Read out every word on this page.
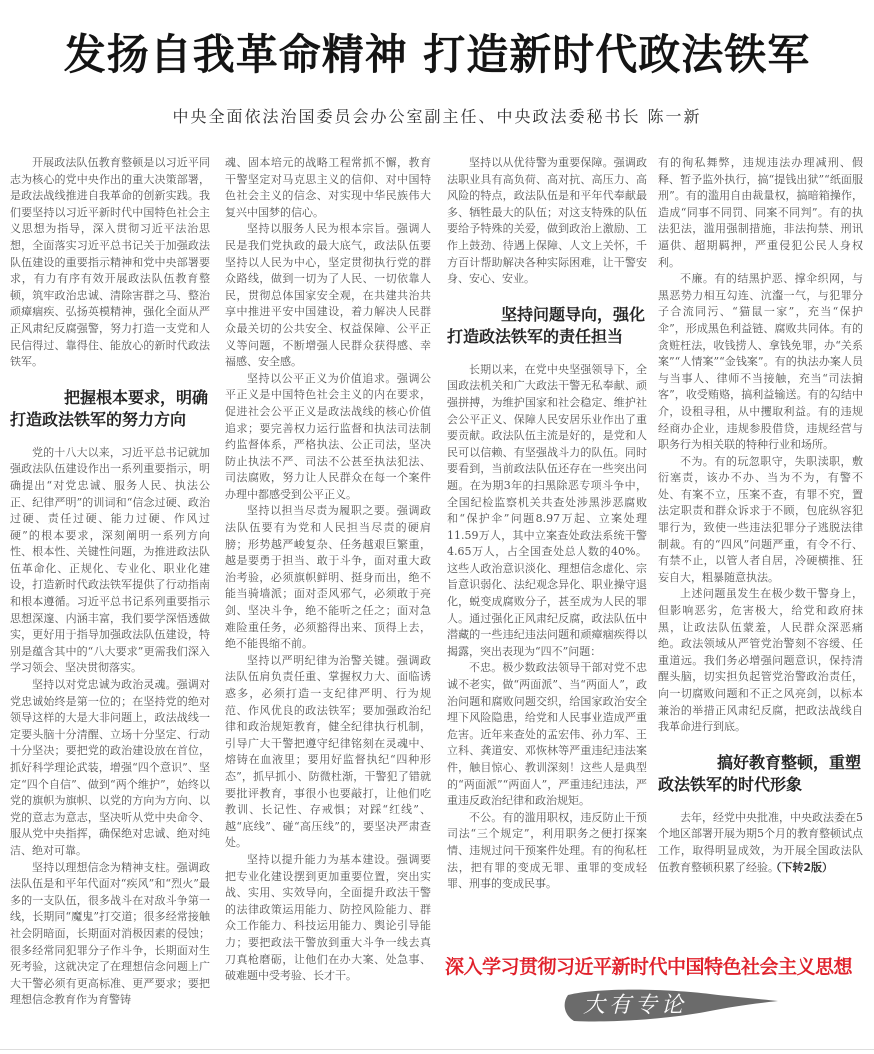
发扬自我革命精神 打造新时代政法铁军
中央全面依法治国委员会办公室副主任、中央政法委秘书长 陈一新

开展政法队伍教育整顿是以习近平同志为核心的党中央作出的重大决策部署，是政法战线推进自我革命的创新实践。我们要坚持以习近平新时代中国特色社会主义思想为指导，深入贯彻习近平法治思想，全面落实习近平总书记关于加强政法队伍建设的重要指示精神和党中央部署要求，有力有序有效开展政法队伍教育整顿，筑牢政治忠诚、清除害群之马、整治顽瘴痼疾、弘扬英模精神，强化全面从严正风肃纪反腐强警，努力打造一支党和人民信得过、靠得住、能放心的新时代政法铁军。

把握根本要求，明确
打造政法铁军的努力方向

党的十八大以来，习近平总书记就加强政法队伍建设作出一系列重要指示，明确提出“对党忠诚、服务人民、执法公正、纪律严明”的训词和“信念过硬、政治过硬、责任过硬、能力过硬、作风过硬”的根本要求，深刻阐明一系列方向性、根本性、关键性问题，为推进政法队伍革命化、正规化、专业化、职业化建设，打造新时代政法铁军提供了行动指南和根本遵循。习近平总书记系列重要指示思想深邃、内涵丰富，我们要学深悟透做实，更好用于指导加强政法队伍建设，特别是蕴含其中的“八大要求”更需我们深入学习领会、坚决贯彻落实。

坚持以对党忠诚为政治灵魂。强调对党忠诚始终是第一位的；在坚持党的绝对领导这样的大是大非问题上，政法战线一定要头脑十分清醒、立场十分坚定、行动十分坚决；要把党的政治建设放在首位，抓好科学理论武装，增强“四个意识”、坚定“四个自信”、做到“两个维护”，始终以党的旗帜为旗帜、以党的方向为方向、以党的意志为意志，坚决听从党中央命令、服从党中央指挥，确保绝对忠诚、绝对纯洁、绝对可靠。

坚持以理想信念为精神支柱。强调政法队伍是和平年代面对“疾风”和“烈火”最多的一支队伍，很多战斗在对敌斗争第一线，长期同“魔鬼”打交道；很多经常接触社会阴暗面，长期面对消极因素的侵蚀；很多经常同犯罪分子作斗争，长期面对生死考验，这就决定了在理想信念问题上广大干警必须有更高标准、更严要求；要把理想信念教育作为育警铸

魂、固本培元的战略工程常抓不懈，教育干警坚定对马克思主义的信仰、对中国特色社会主义的信念、对实现中华民族伟大复兴中国梦的信心。

坚持以服务人民为根本宗旨。强调人民是我们党执政的最大底气，政法队伍要坚持以人民为中心，坚定贯彻执行党的群众路线，做到一切为了人民、一切依靠人民，贯彻总体国家安全观，在共建共治共享中推进平安中国建设，着力解决人民群众最关切的公共安全、权益保障、公平正义等问题，不断增强人民群众获得感、幸福感、安全感。

坚持以公平正义为价值追求。强调公平正义是中国特色社会主义的内在要求，促进社会公平正义是政法战线的核心价值追求；要完善权力运行监督和执法司法制约监督体系，严格执法、公正司法，坚决防止执法不严、司法不公甚至执法犯法、司法腐败，努力让人民群众在每一个案件办理中都感受到公平正义。

坚持以担当尽责为履职之要。强调政法队伍要有为党和人民担当尽责的硬肩膀；形势越严峻复杂、任务越艰巨繁重，越是要勇于担当、敢于斗争，面对重大政治考验，必须旗帜鲜明、挺身而出，绝不能当骑墙派；面对歪风邪气，必须敢于亮剑、坚决斗争，绝不能听之任之；面对急难险重任务，必须豁得出来、顶得上去，绝不能畏缩不前。

坚持以严明纪律为治警关键。强调政法队伍肩负责任重、掌握权力大、面临诱惑多，必须打造一支纪律严明、行为规范、作风优良的政法铁军；要加强政治纪律和政治规矩教育，健全纪律执行机制，引导广大干警把遵守纪律铭刻在灵魂中、熔铸在血液里；要用好监督执纪“四种形态”，抓早抓小、防微杜渐，干警犯了错就要批评教育，事很小也要敲打，让他们吃教训、长记性、存戒惧；对踩“红线”、越“底线”、碰“高压线”的，要坚决严肃查处。

坚持以提升能力为基本建设。强调要把专业化建设摆到更加重要位置，突出实战、实用、实效导向，全面提升政法干警的法律政策运用能力、防控风险能力、群众工作能力、科技运用能力、舆论引导能力；要把政法干警放到重大斗争一线去真刀真枪磨砺，让他们在办大案、处急事、破难题中受考验、长才干。

坚持以从优待警为重要保障。强调政法职业具有高负荷、高对抗、高压力、高风险的特点，政法队伍是和平年代奉献最多、牺牲最大的队伍；对这支特殊的队伍要给予特殊的关爱，做到政治上激励、工作上鼓劲、待遇上保障、人文上关怀，千方百计帮助解决各种实际困难，让干警安身、安心、安业。

坚持问题导向，强化
打造政法铁军的责任担当

长期以来，在党中央坚强领导下，全国政法机关和广大政法干警无私奉献、顽强拼搏，为维护国家和社会稳定、维护社会公平正义、保障人民安居乐业作出了重要贡献。政法队伍主流是好的，是党和人民可以信赖、有坚强战斗力的队伍。同时要看到，当前政法队伍还存在一些突出问题。在为期3年的扫黑除恶专项斗争中，全国纪检监察机关共查处涉黑涉恶腐败和“保护伞”问题8.97万起、立案处理11.59万人，其中立案查处政法系统干警4.65万人，占全国查处总人数的40%。这些人政治意识淡化、理想信念虚化、宗旨意识弱化、法纪观念异化、职业操守退化，蜕变成腐败分子，甚至成为人民的罪人。通过强化正风肃纪反腐，政法队伍中潜藏的一些违纪违法问题和顽瘴痼疾得以揭露，突出表现为“四不”问题：

不忠。极少数政法领导干部对党不忠诚不老实，做“两面派”、当“两面人”，政治问题和腐败问题交织，给国家政治安全埋下风险隐患，给党和人民事业造成严重危害。近年来查处的孟宏伟、孙力军、王立科、龚道安、邓恢林等严重违纪违法案件，触目惊心、教训深刻！这些人是典型的“两面派”“两面人”，严重违纪违法，严重违反政治纪律和政治规矩。

不公。有的滥用职权，违反防止干预司法“三个规定”，利用职务之便打探案情、违规过问干预案件处理。有的徇私枉法，把有罪的变成无罪、重罪的变成轻罪、刑事的变成民事。

有的徇私舞弊，违规违法办理减刑、假释、暂予监外执行，搞“提钱出狱”“纸面服刑”。有的滥用自由裁量权，搞暗箱操作，造成“同事不同罚、同案不同判”。有的执法犯法，滥用强制措施，非法拘禁、刑讯逼供、超期羁押，严重侵犯公民人身权利。

不廉。有的结黑护恶、撑伞织网，与黑恶势力相互勾连、沆瀣一气，与犯罪分子合流同污、“猫鼠一家”，充当“保护伞”，形成黑色利益链、腐败共同体。有的贪赃枉法，收钱捞人、拿钱免罪，办“关系案”“人情案”“金钱案”。有的执法办案人员与当事人、律师不当接触，充当“司法掮客”，收受贿赂，搞利益输送。有的勾结中介，设租寻租，从中攫取利益。有的违规经商办企业，违规参股借贷，违规经营与职务行为相关联的特种行业和场所。

不为。有的玩忽职守，失职渎职，敷衍塞责，该办不办、当为不为，有警不处、有案不立，压案不查，有罪不究，置法定职责和群众诉求于不顾，包庇纵容犯罪行为，致使一些违法犯罪分子逃脱法律制裁。有的“四风”问题严重，有令不行、有禁不止，以管人者自居，冷硬横推、狂妄自大，粗暴随意执法。

上述问题虽发生在极少数干警身上，但影响恶劣，危害极大，给党和政府抹黑，让政法队伍蒙羞，人民群众深恶痛绝。政法领域从严管党治警刻不容缓、任重道远。我们务必增强问题意识，保持清醒头脑，切实担负起管党治警政治责任，向一切腐败问题和不正之风亮剑，以标本兼治的举措正风肃纪反腐，把政法战线自我革命进行到底。

搞好教育整顿，重塑
政法铁军的时代形象

去年，经党中央批准，中央政法委在5个地区部署开展为期5个月的教育整顿试点工作，取得明显成效，为开展全国政法队伍教育整顿积累了经验。

（下转2版）
深入学习贯彻习近平新时代中国特色社会主义思想
大有专论
